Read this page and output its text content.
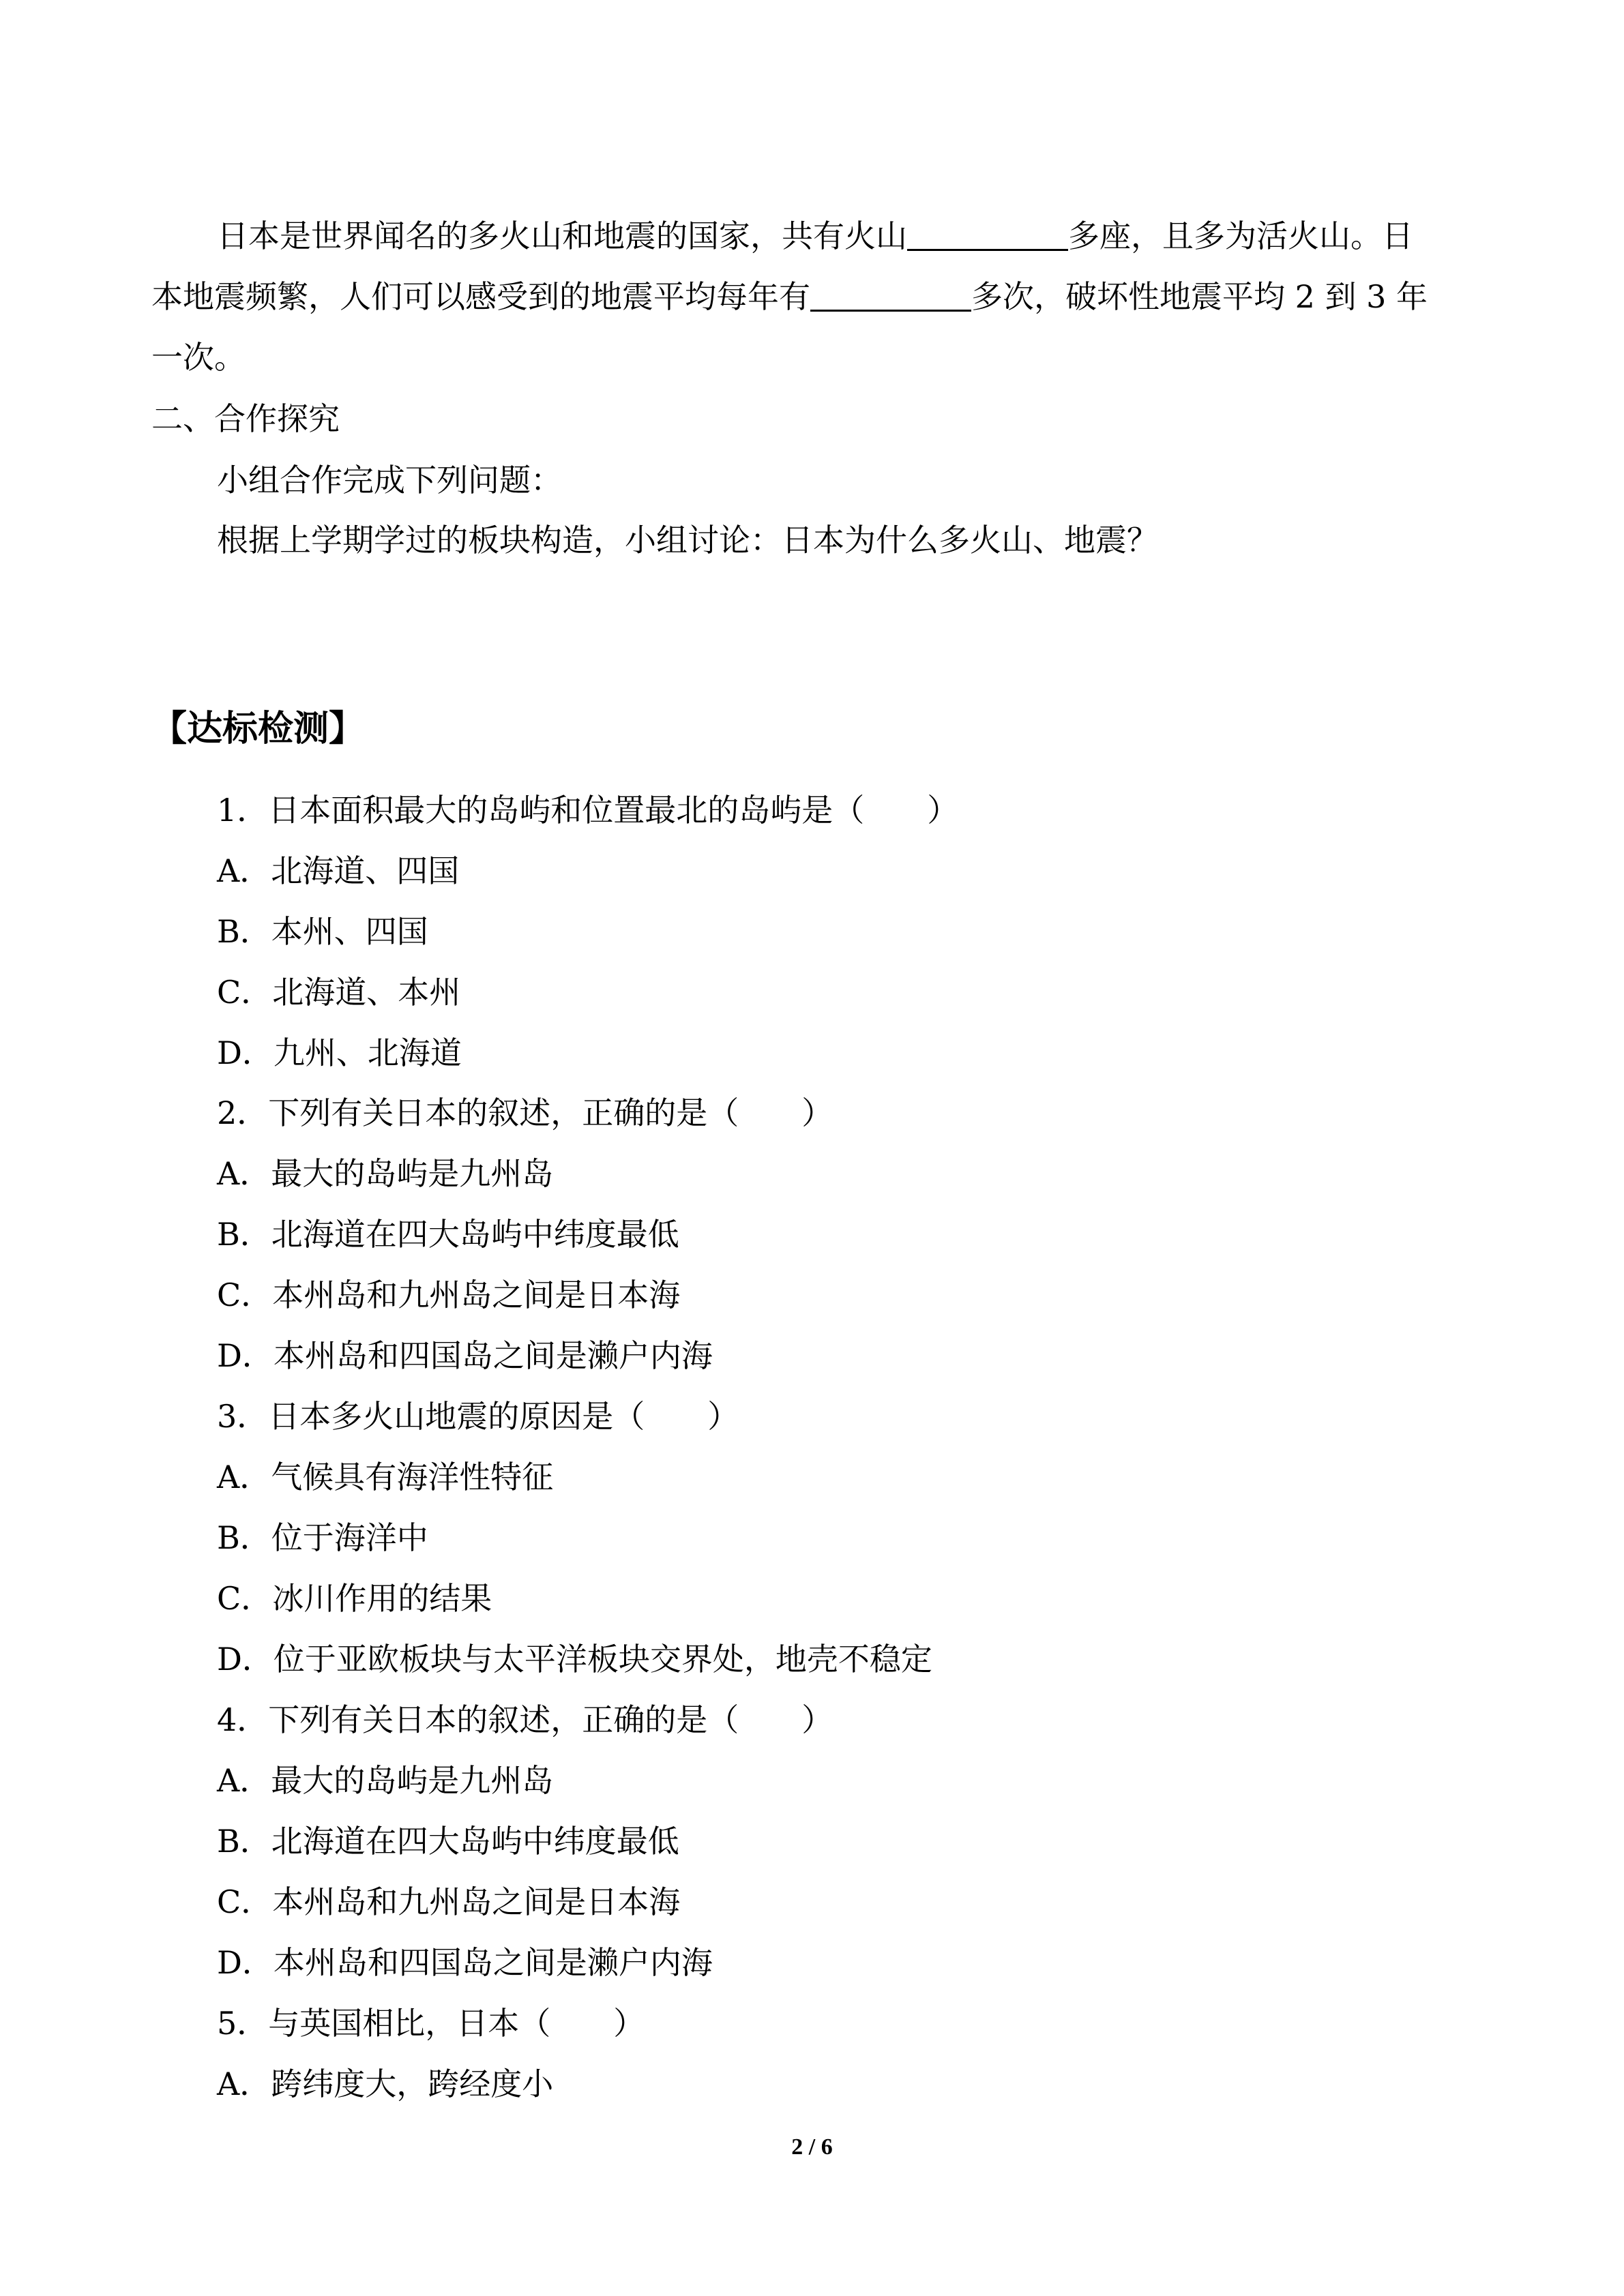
日本是世界闻名的多火山和地震的国家，共有火山	多座，且多为活火山。日
本地震频繁，人们可以感受到的地震平均每年有	多次，破坏性地震平均 2 到 3 年
一次。
二、合作探究
小组合作完成下列问题：
根据上学期学过的板块构造，小组讨论：日本为什么多火山、地震？
【达标检测】
1．日本面积最大的岛屿和位置最北的岛屿是（　　）
A．北海道、四国
B．本州、四国
C．北海道、本州
D．九州、北海道
2．下列有关日本的叙述，正确的是（　　）
A．最大的岛屿是九州岛
B．北海道在四大岛屿中纬度最低
C．本州岛和九州岛之间是日本海
D．本州岛和四国岛之间是濑户内海
3．日本多火山地震的原因是（　　）
A．气候具有海洋性特征
B．位于海洋中
C．冰川作用的结果
D．位于亚欧板块与太平洋板块交界处，地壳不稳定
4．下列有关日本的叙述，正确的是（　　）
A．最大的岛屿是九州岛
B．北海道在四大岛屿中纬度最低
C．本州岛和九州岛之间是日本海
D．本州岛和四国岛之间是濑户内海
5．与英国相比，日本（　　）
A．跨纬度大，跨经度小
2 / 6
